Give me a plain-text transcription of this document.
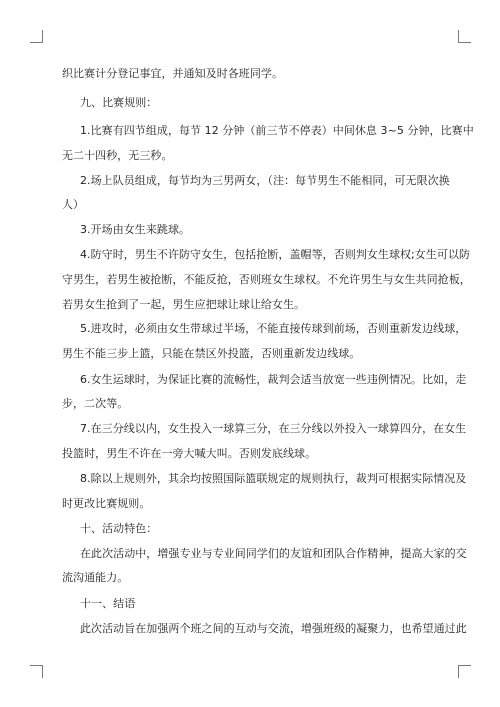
织比赛计分登记事宜，并通知及时各班同学。
九、比赛规则：
1.比赛有四节组成，每节 12 分钟（前三节不停表）中间休息 3~5 分钟，比赛中
无二十四秒，无三秒。
2.场上队员组成，每节均为三男两女，（注：每节男生不能相同，可无限次换
人）
3.开场由女生来跳球。
4.防守时，男生不许防守女生，包括抢断，盖帽等，否则判女生球权;女生可以防
守男生，若男生被抢断，不能反抢，否则班女生球权。不允许男生与女生共同抢板，
若男女生抢到了一起，男生应把球让球让给女生。
5.进攻时，必须由女生带球过半场，不能直接传球到前场，否则重新发边线球，
男生不能三步上篮，只能在禁区外投篮，否则重新发边线球。
6.女生运球时，为保证比赛的流畅性，裁判会适当放宽一些违例情况。比如，走
步，二次等。
7.在三分线以内，女生投入一球算三分，在三分线以外投入一球算四分，在女生
投篮时，男生不许在一旁大喊大叫。否则发底线球。
8.除以上规则外，其余均按照国际篮联规定的规则执行，裁判可根据实际情况及
时更改比赛规则。
十、活动特色：
在此次活动中，增强专业与专业间同学们的友谊和团队合作精神，提高大家的交
流沟通能力。
十一、结语
此次活动旨在加强两个班之间的互动与交流，增强班级的凝聚力，也希望通过此
